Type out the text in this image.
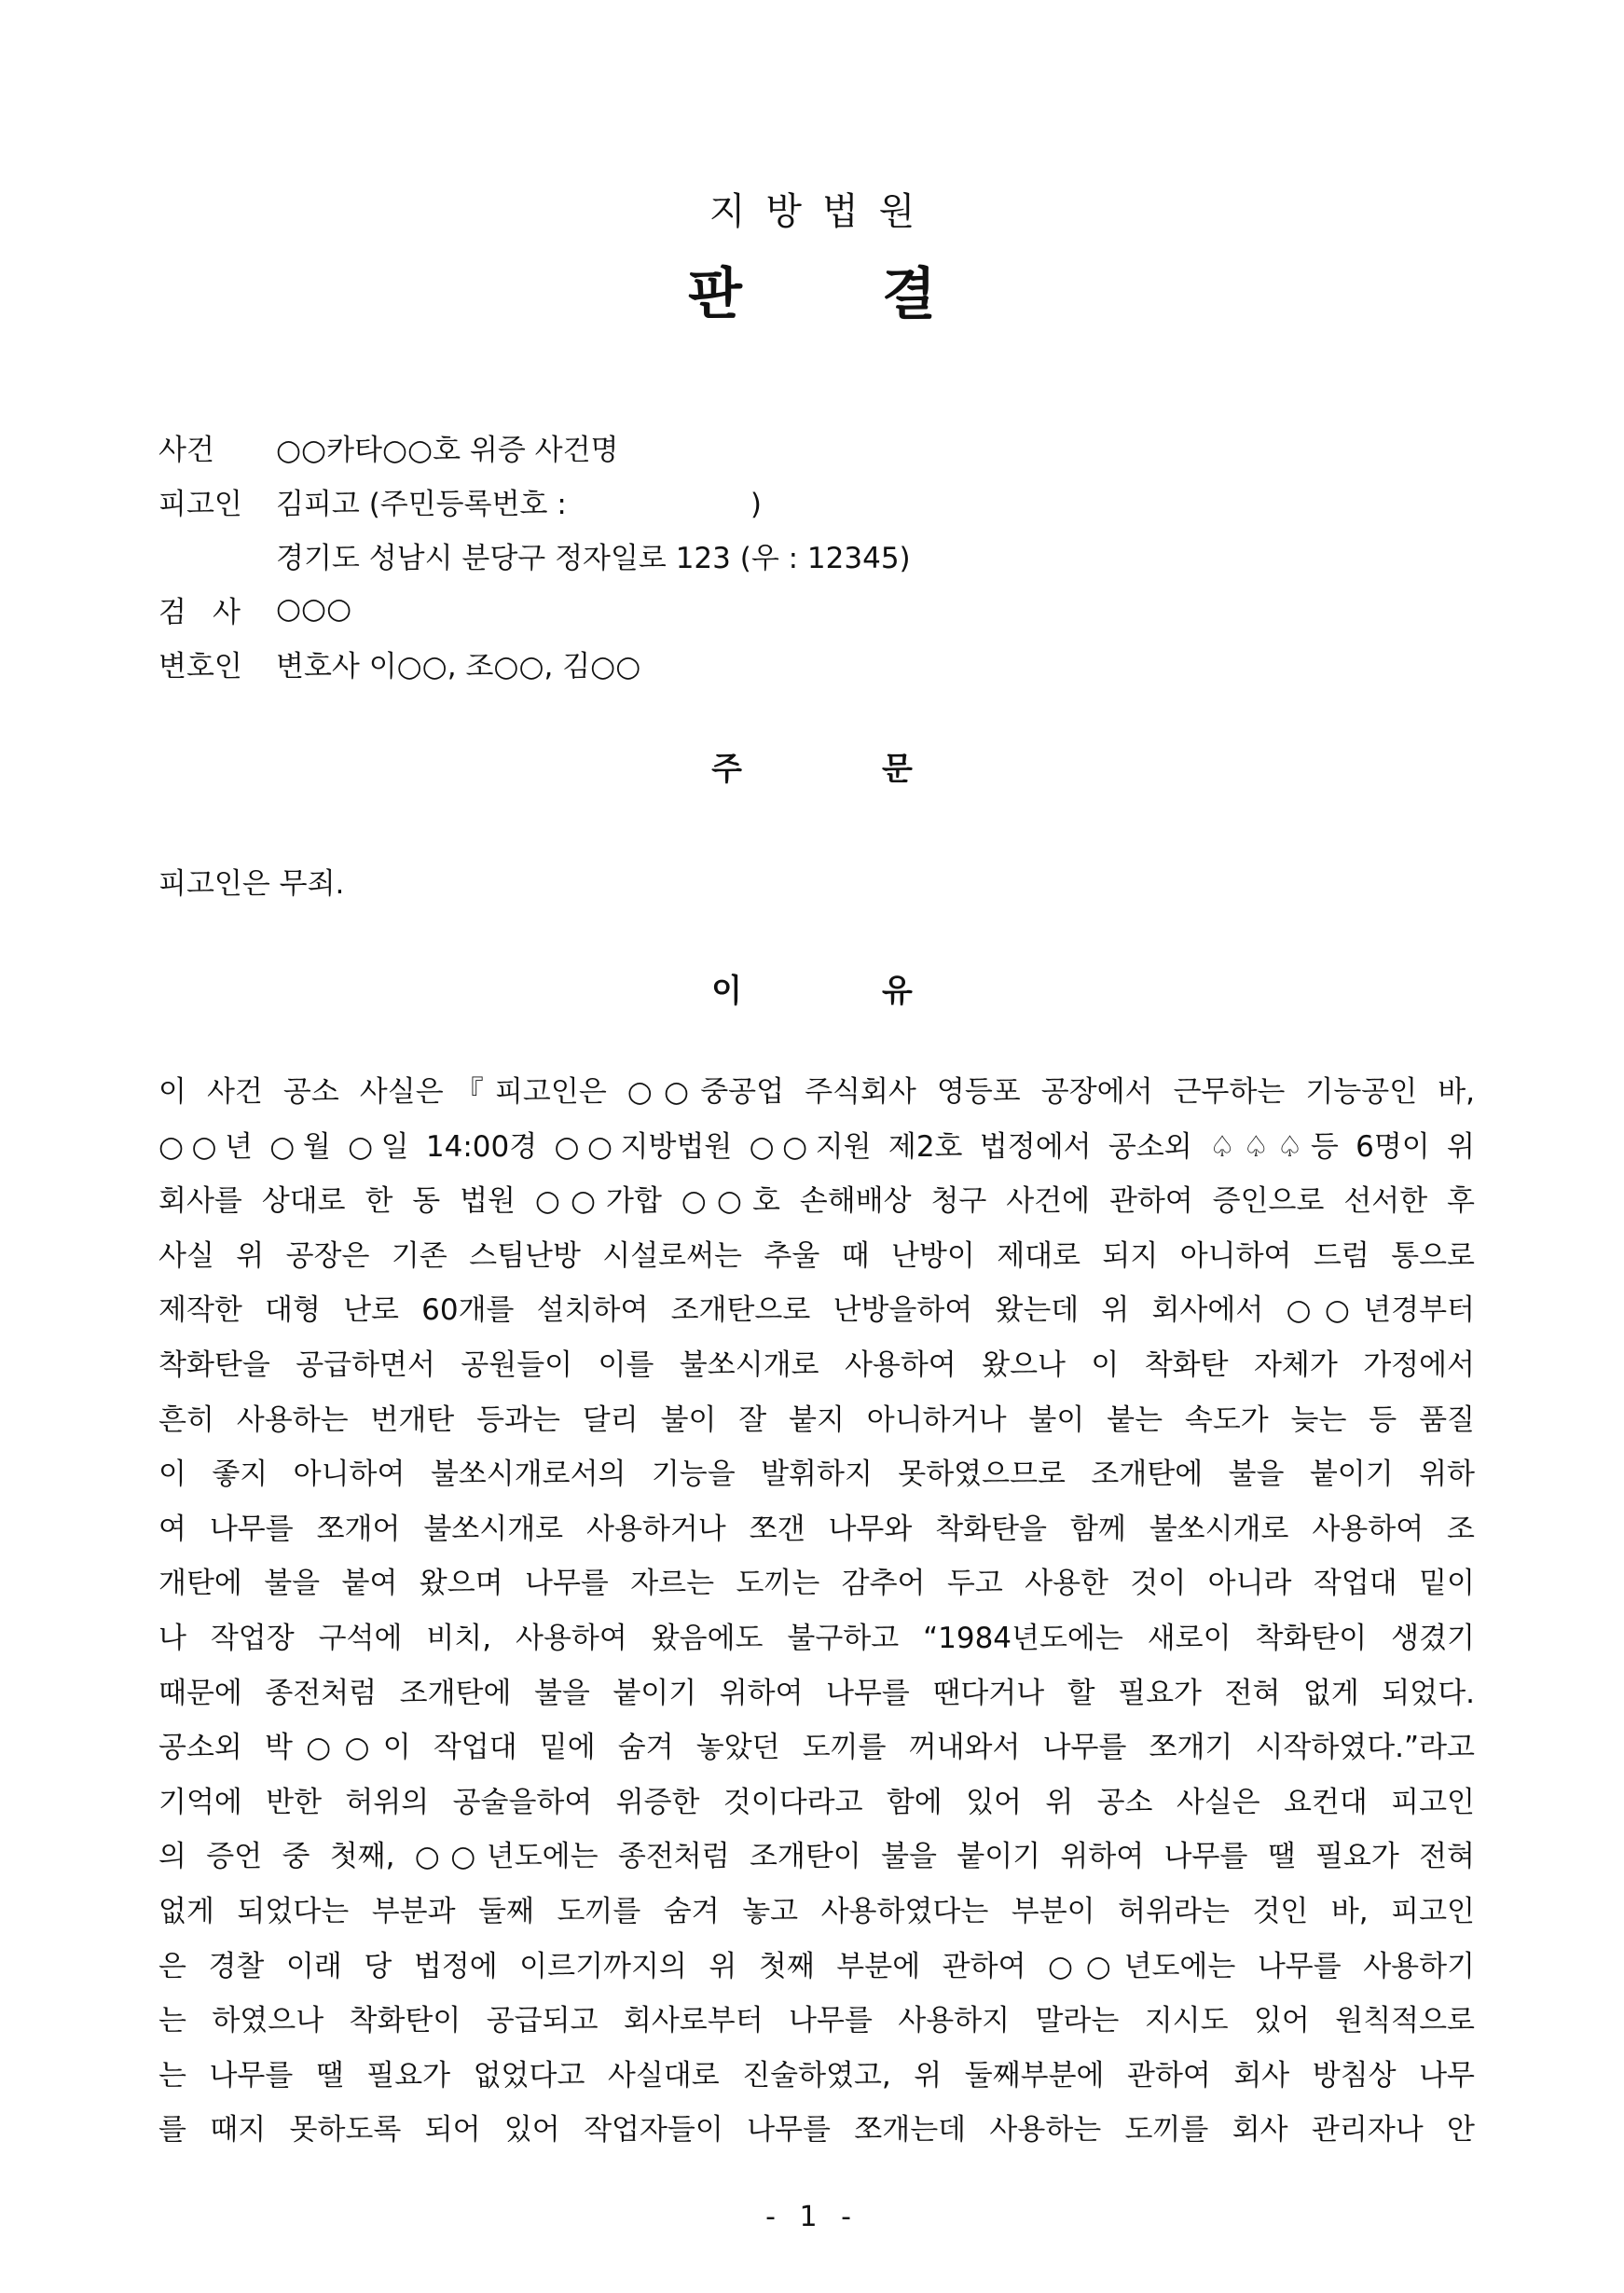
지방법원
판결
사건	○○카타○○호 위증 사건명
피고인	김피고 (주민등록번호 :                    )
경기도 성남시 분당구 정자일로 123 (우 : 12345)
검사 ○○○
변호인	변호사 이○○, 조○○, 김○○
주문
피고인은 무죄.
이유
이 사건 공소 사실은『피고인은 ○○중공업 주식회사 영등포 공장에서 근무하는 기능공인 바,
○○년 ○월 ○일 14:00경 ○○지방법원 ○○지원 제2호 법정에서 공소외 ♤♤♤등 6명이 위
회사를 상대로 한 동 법원 ○○가합 ○○호 손해배상 청구 사건에 관하여 증인으로 선서한 후
사실 위 공장은 기존 스팀난방 시설로써는 추울 때 난방이 제대로 되지 아니하여 드럼 통으로
제작한 대형 난로 60개를 설치하여 조개탄으로 난방을하여 왔는데 위 회사에서 ○○년경부터
착화탄을 공급하면서 공원들이 이를 불쏘시개로 사용하여 왔으나 이 착화탄 자체가 가정에서
흔히 사용하는 번개탄 등과는 달리 불이 잘 붙지 아니하거나 불이 붙는 속도가 늦는 등 품질
이 좋지 아니하여 불쏘시개로서의 기능을 발휘하지 못하였으므로 조개탄에 불을 붙이기 위하
여 나무를 쪼개어 불쏘시개로 사용하거나 쪼갠 나무와 착화탄을 함께 불쏘시개로 사용하여 조
개탄에 불을 붙여 왔으며 나무를 자르는 도끼는 감추어 두고 사용한 것이 아니라 작업대 밑이
나 작업장 구석에 비치, 사용하여 왔음에도 불구하고 “1984년도에는 새로이 착화탄이 생겼기
때문에 종전처럼 조개탄에 불을 붙이기 위하여 나무를 땐다거나 할 필요가 전혀 없게 되었다.
공소외 박○○이 작업대 밑에 숨겨 놓았던 도끼를 꺼내와서 나무를 쪼개기 시작하였다.”라고
기억에 반한 허위의 공술을하여 위증한 것이다라고 함에 있어 위 공소 사실은 요컨대 피고인
의 증언 중 첫째, ○○년도에는 종전처럼 조개탄이 불을 붙이기 위하여 나무를 땔 필요가 전혀
없게 되었다는 부분과 둘째 도끼를 숨겨 놓고 사용하였다는 부분이 허위라는 것인 바, 피고인
은 경찰 이래 당 법정에 이르기까지의 위 첫째 부분에 관하여 ○○년도에는 나무를 사용하기
는 하였으나 착화탄이 공급되고 회사로부터 나무를 사용하지 말라는 지시도 있어 원칙적으로
는 나무를 땔 필요가 없었다고 사실대로 진술하였고, 위 둘째부분에 관하여 회사 방침상 나무
를 때지 못하도록 되어 있어 작업자들이 나무를 쪼개는데 사용하는 도끼를 회사 관리자나 안
- 1 -
